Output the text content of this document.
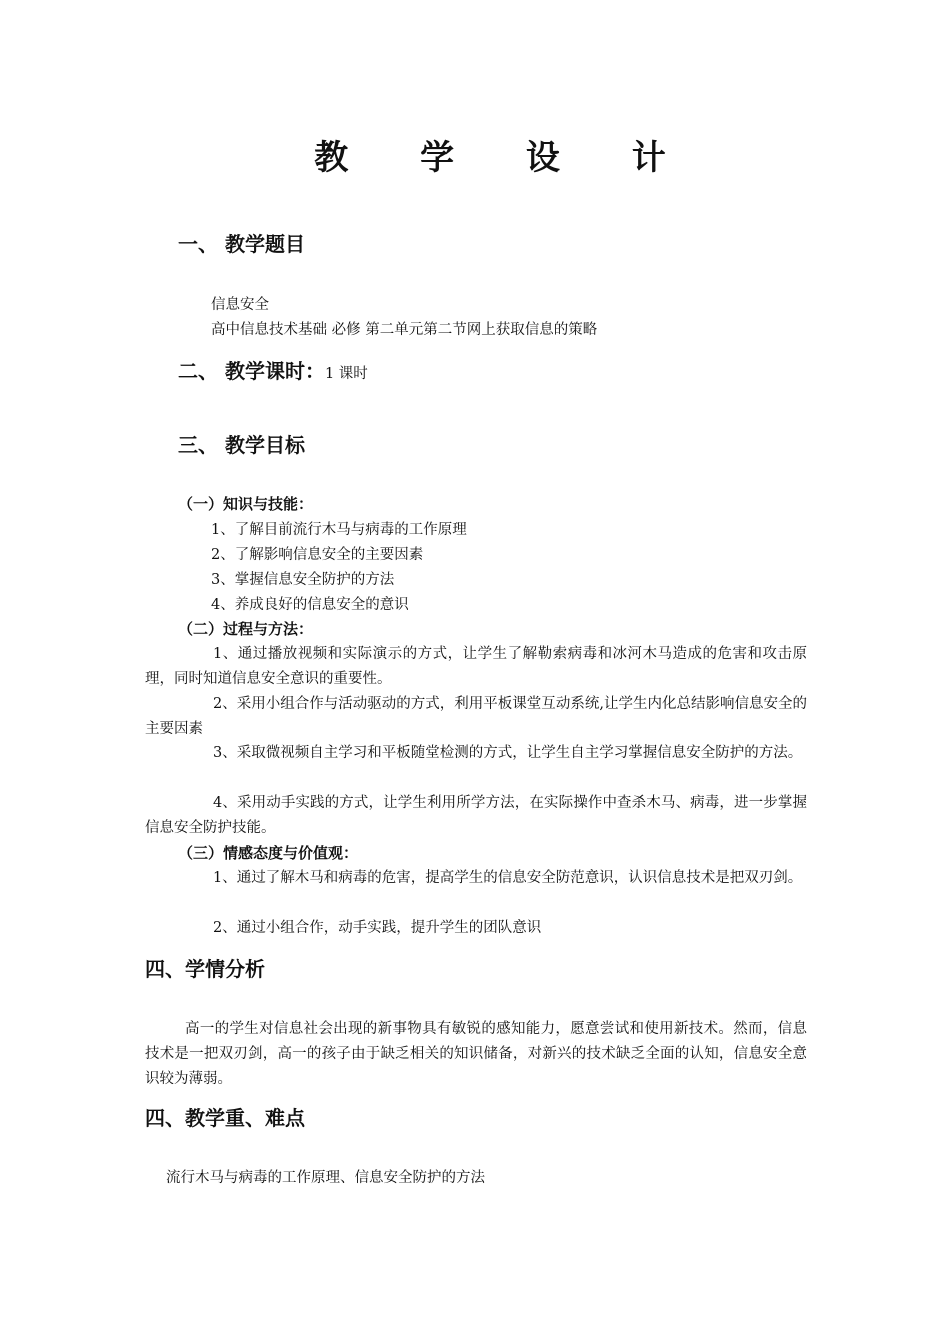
教 学 设 计
一、 教学题目
信息安全
高中信息技术基础 必修 第二单元第二节网上获取信息的策略
二、 教学课时：1 课时
三、 教学目标
（一）知识与技能：
1、了解目前流行木马与病毒的工作原理
2、了解影响信息安全的主要因素
3、掌握信息安全防护的方法
4、养成良好的信息安全的意识
（二）过程与方法：
1、通过播放视频和实际演示的方式，让学生了解勒索病毒和冰河木马造成的危害和攻击原理，同时知道信息安全意识的重要性。
2、采用小组合作与活动驱动的方式，利用平板课堂互动系统,让学生内化总结影响信息安全的主要因素
3、采取微视频自主学习和平板随堂检测的方式，让学生自主学习掌握信息安全防护的方法。
4、采用动手实践的方式，让学生利用所学方法，在实际操作中查杀木马、病毒，进一步掌握信息安全防护技能。
（三）情感态度与价值观：
1、通过了解木马和病毒的危害，提高学生的信息安全防范意识，认识信息技术是把双刃剑。
2、通过小组合作，动手实践，提升学生的团队意识
四、学情分析
高一的学生对信息社会出现的新事物具有敏锐的感知能力，愿意尝试和使用新技术。然而，信息技术是一把双刃剑，高一的孩子由于缺乏相关的知识储备，对新兴的技术缺乏全面的认知，信息安全意识较为薄弱。
四、教学重、难点
流行木马与病毒的工作原理、信息安全防护的方法
